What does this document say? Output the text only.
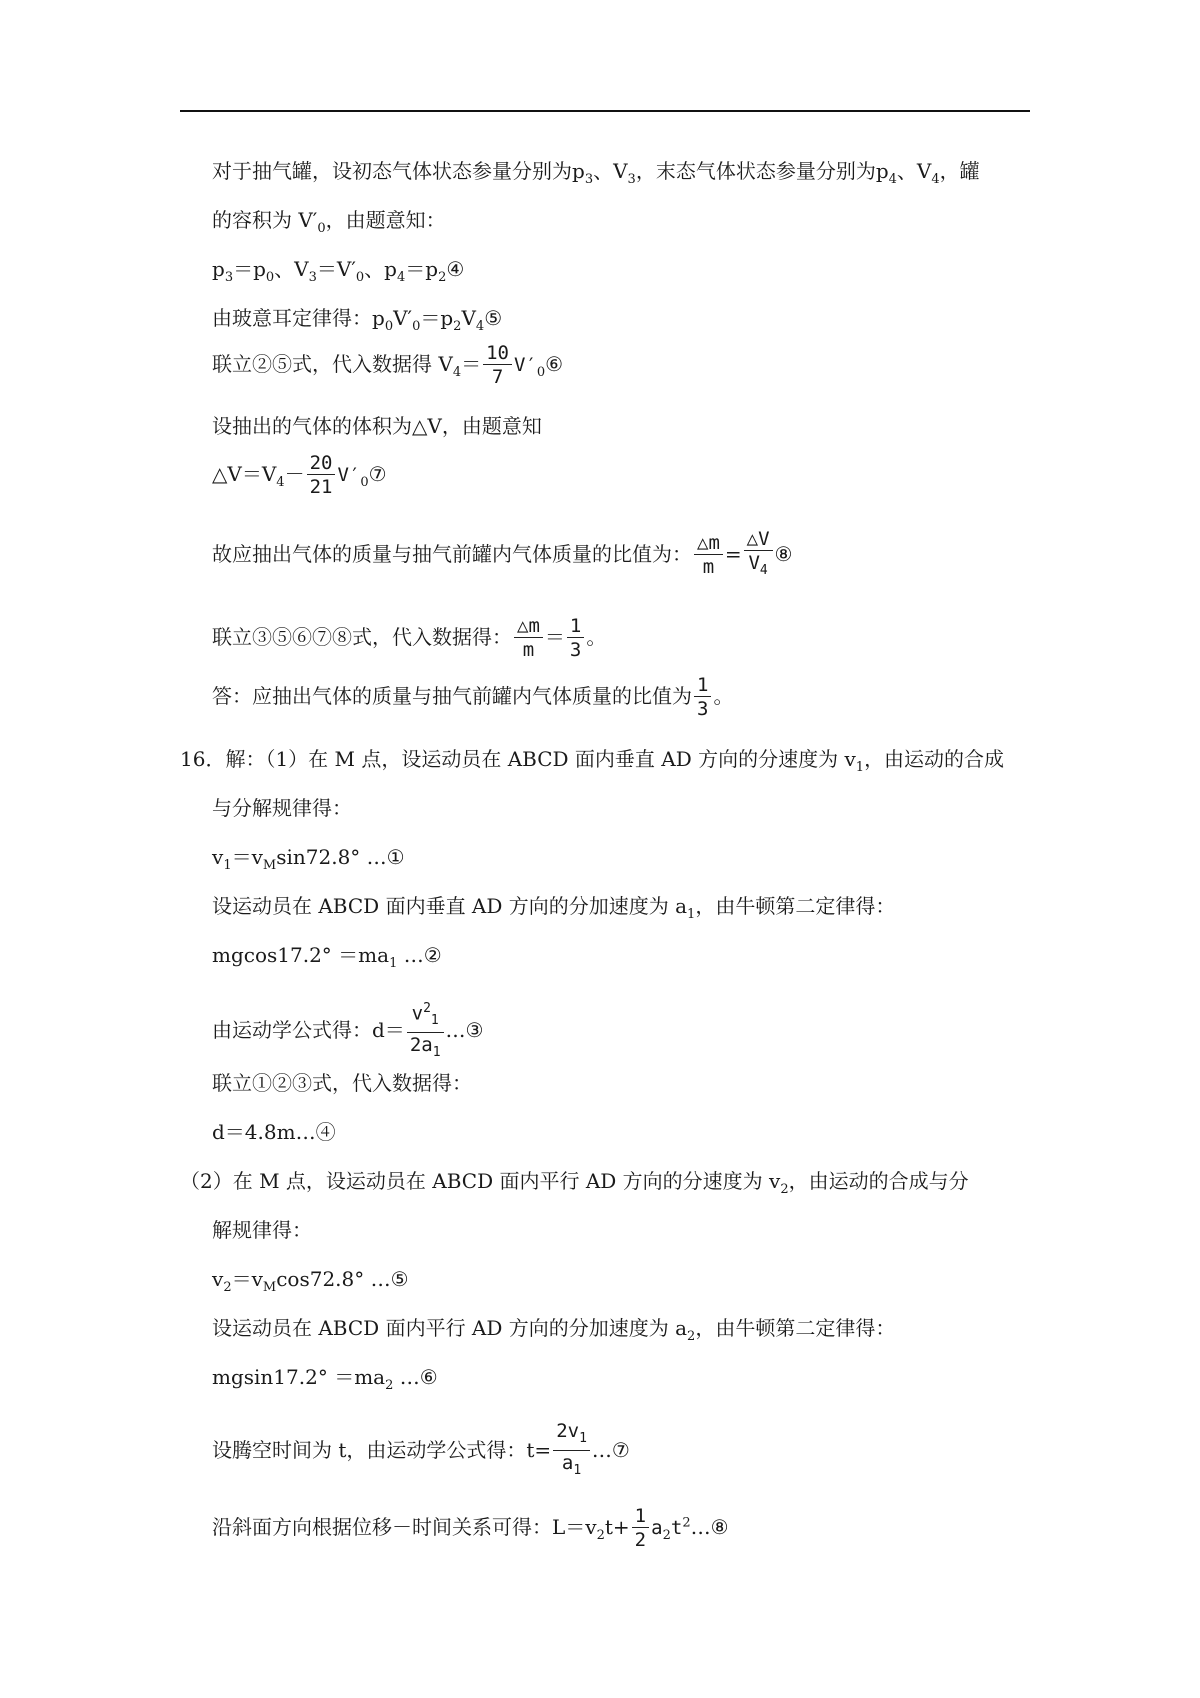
对于抽气罐，设初态气体状态参量分别为$p_3$、$V_3$，末态气体状态参量分别为$p_4$、$V_4$，罐
的容积为 $V'_0$，由题意知：
$p_3=p_0$、$V_3=V'_0$、$p_4=p_2④$
由玻意耳定律得：$p_0V'_0=p_2V_4⑤$
联立②⑤式，代入数据得 $V_4= \frac{10}{7}$ $V'_0⑥$
设抽出的气体的体积为△V，由题意知
$\triangle V=V_4- \frac{20}{21}$ $V'_0⑦$
故应抽出气体的质量与抽气前罐内气体质量的比值为： $\frac{\triangle m}{m} = \frac{\triangle V}{V_4}$ ⑧
联立③⑤⑥⑦⑧式，代入数据得： $\frac{\triangle m}{m} = \frac{1}{3}$ 。
答：应抽出气体的质量与抽气前罐内气体质量的比值为 $\frac{1}{3}$ 。
16．解：（1）在 M 点，设运动员在 ABCD 面内垂直 AD 方向的分速度为 $v_1$，由运动的合成
与分解规律得：
$v_1=v_M\sin 72.8^\circ$ …①
设运动员在 ABCD 面内垂直 AD 方向的分加速度为 $a_1$，由牛顿第二定律得：
$mgcos17.2^\circ =ma_1$ …②
由运动学公式得：$d= \frac{v^2_1}{2a_1}$ …③
联立①②③式，代入数据得：
d＝4.8m…④
（2）在 M 点，设运动员在 ABCD 面内平行 AD 方向的分速度为 $v_2$，由运动的合成与分
解规律得：
$v_2=v_M\cos 72.8^\circ$ …⑤
设运动员在 ABCD 面内平行 AD 方向的分加速度为 $a_2$，由牛顿第二定律得：
$mgsin17.2^\circ =ma_2$ …⑥
设腾空时间为 t，由运动学公式得：$t= \frac{2v_1}{a_1}$ …⑦
沿斜面方向根据位移－时间关系可得：$L=v_2t+ \frac{1}{2}$ $a_2t^2\dots ⑧$
